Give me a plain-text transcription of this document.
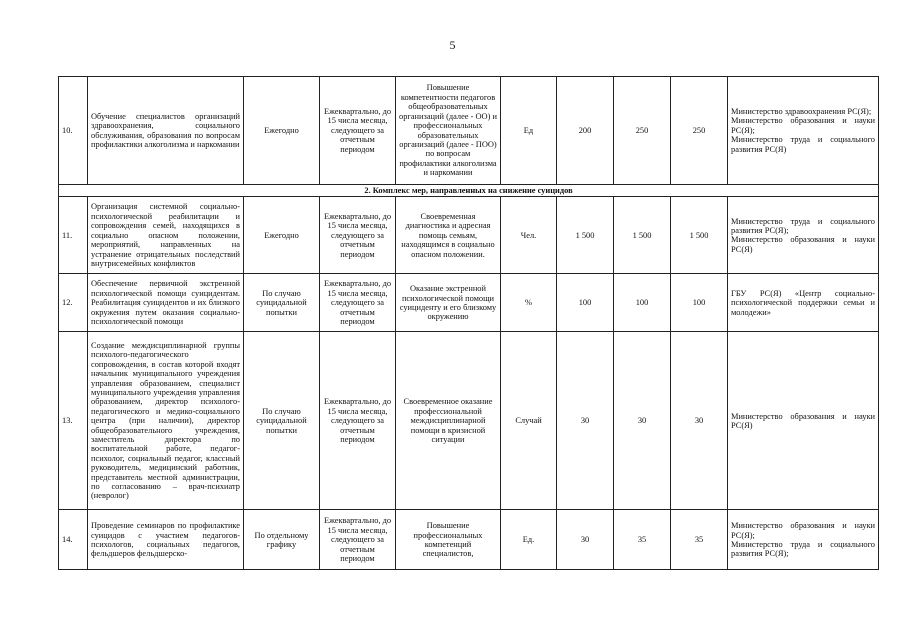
5
10.	Обучение специалистов организаций здравоохранения, социального обслуживания, образования по вопросам профилактики алкоголизма и наркомании	Ежегодно	Ежеквартально, до 15 числа месяца, следующего за отчетным периодом	Повышение компетентности педагогов общеобразовательных организаций (далее - ОО) и профессиональных образовательных организаций (далее - ПОО) по вопросам профилактики алкоголизма и наркомании	Ед	200	250	250	Министерство здравоохранения РС(Я);
Министерство образования и науки РС(Я);
Министерство труда и социального развития РС(Я)

2. Комплекс мер, направленных на снижение суицидов									
11.	Организация системной социально-психологической реабилитации и сопровождения семей, находящихся в социально опасном положении, мероприятий, направленных на устранение отрицательных последствий внутрисемейных конфликтов	Ежегодно	Ежеквартально, до 15 числа месяца, следующего за отчетным периодом	Своевременная диагностика и адресная помощь семьям, находящимся в социально опасном положении.	Чел.	1 500	1 500	1 500	Министерство труда и социального развития РС(Я);
Министерство образования и науки РС(Я)

12.	Обеспечение первичной экстренной психологической помощи суицидентам. Реабилитация суицидентов и их близкого окружения путем оказания социально-психологической помощи	По случаю суицидальной попытки	Ежеквартально, до 15 числа месяца, следующего за отчетным периодом	Оказание экстренной психологической помощи суициденту и его близкому окружению	%	100	100	100	ГБУ РС(Я) «Центр социально-психологической поддержки семьи и молодежи»

13.	Создание междисциплинарной группы психолого-педагогического сопровождения, в состав которой входят начальник муниципального учреждения управления образованием, специалист муниципального учреждения управления образованием, директор психолого-педагогического и медико-социального центра (при наличии), директор общеобразовательного учреждения, заместитель директора по воспитательной работе, педагог-психолог, социальный педагог, классный руководитель, медицинский работник, представитель местной администрации, по согласованию – врач-психиатр (невролог)	По случаю суицидальной попытки	Ежеквартально, до 15 числа месяца, следующего за отчетным периодом	Своевременное оказание профессиональной междисциплинарной помощи в кризисной ситуации	Случай	30	30	30	Министерство образования и науки РС(Я)

14.	Проведение семинаров по профилактике суицидов с участием педагогов-психологов, социальных педагогов, фельдшеров фельдшерско-	По отдельному графику	Ежеквартально, до 15 числа месяца, следующего за отчетным периодом	Повышение профессиональных компетенций специалистов,	Ед.	30	35	35	Министерство образования и науки РС(Я);
Министерство труда и социального развития РС(Я);
